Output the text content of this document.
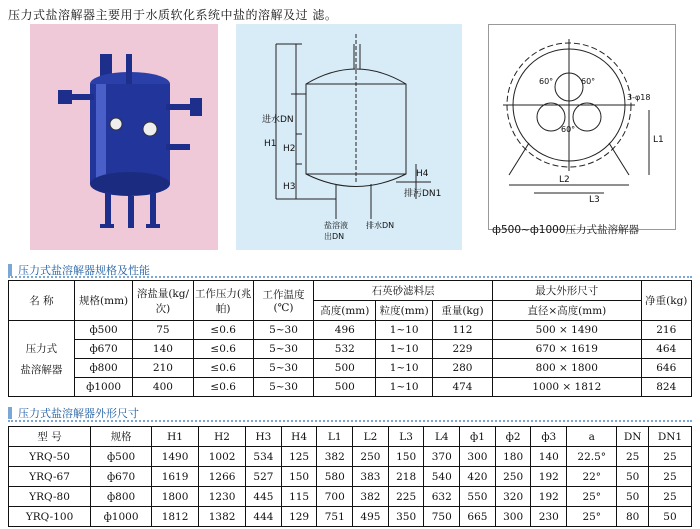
压力式盐溶解器主要用于水质软化系统中盐的溶解及过 滤。
进水DN
H1 H2
H3
H4
盐溶液出DN
排水DN
排污DN1
60°	60°
60°
3-φ18
L1
L2
L3
ф500~ф1000压力式盐溶解器
压力式盐溶解器规格及性能
名 称	规格(mm)	溶盐量(kg/次)	工作压力(兆帕)	工作温度(℃)	石英砂滤料层			最大外形尺寸	净重(kg)
					高度(mm)	粒度(mm)	重量(kg)	直径×高度(mm)	

压力式
盐溶解器	ф500	75	≤0.6	5~30	496	1~10	112	500 × 1490	216
	ф670	140	≤0.6	5~30	532	1~10	229	670 × 1619	464
	ф800	210	≤0.6	5~30	500	1~10	280	800 × 1800	646
	ф1000	400	≤0.6	5~30	500	1~10	474	1000 × 1812	824
压力式盐溶解器外形尺寸
型 号	规格	H1	H2	H3	H4	L1	L2	L3	L4	ф1	ф2	ф3	a	DN	DN1
YRQ-50	ф500	1490	1002	534	125	382	250	150	370	300	180	140	22.5°	25	25
YRQ-67	ф670	1619	1266	527	150	580	383	218	540	420	250	192	22°	50	25
YRQ-80	ф800	1800	1230	445	115	700	382	225	632	550	320	192	25°	50	25
YRQ-100	ф1000	1812	1382	444	129	751	495	350	750	665	300	230	25°	80	50
